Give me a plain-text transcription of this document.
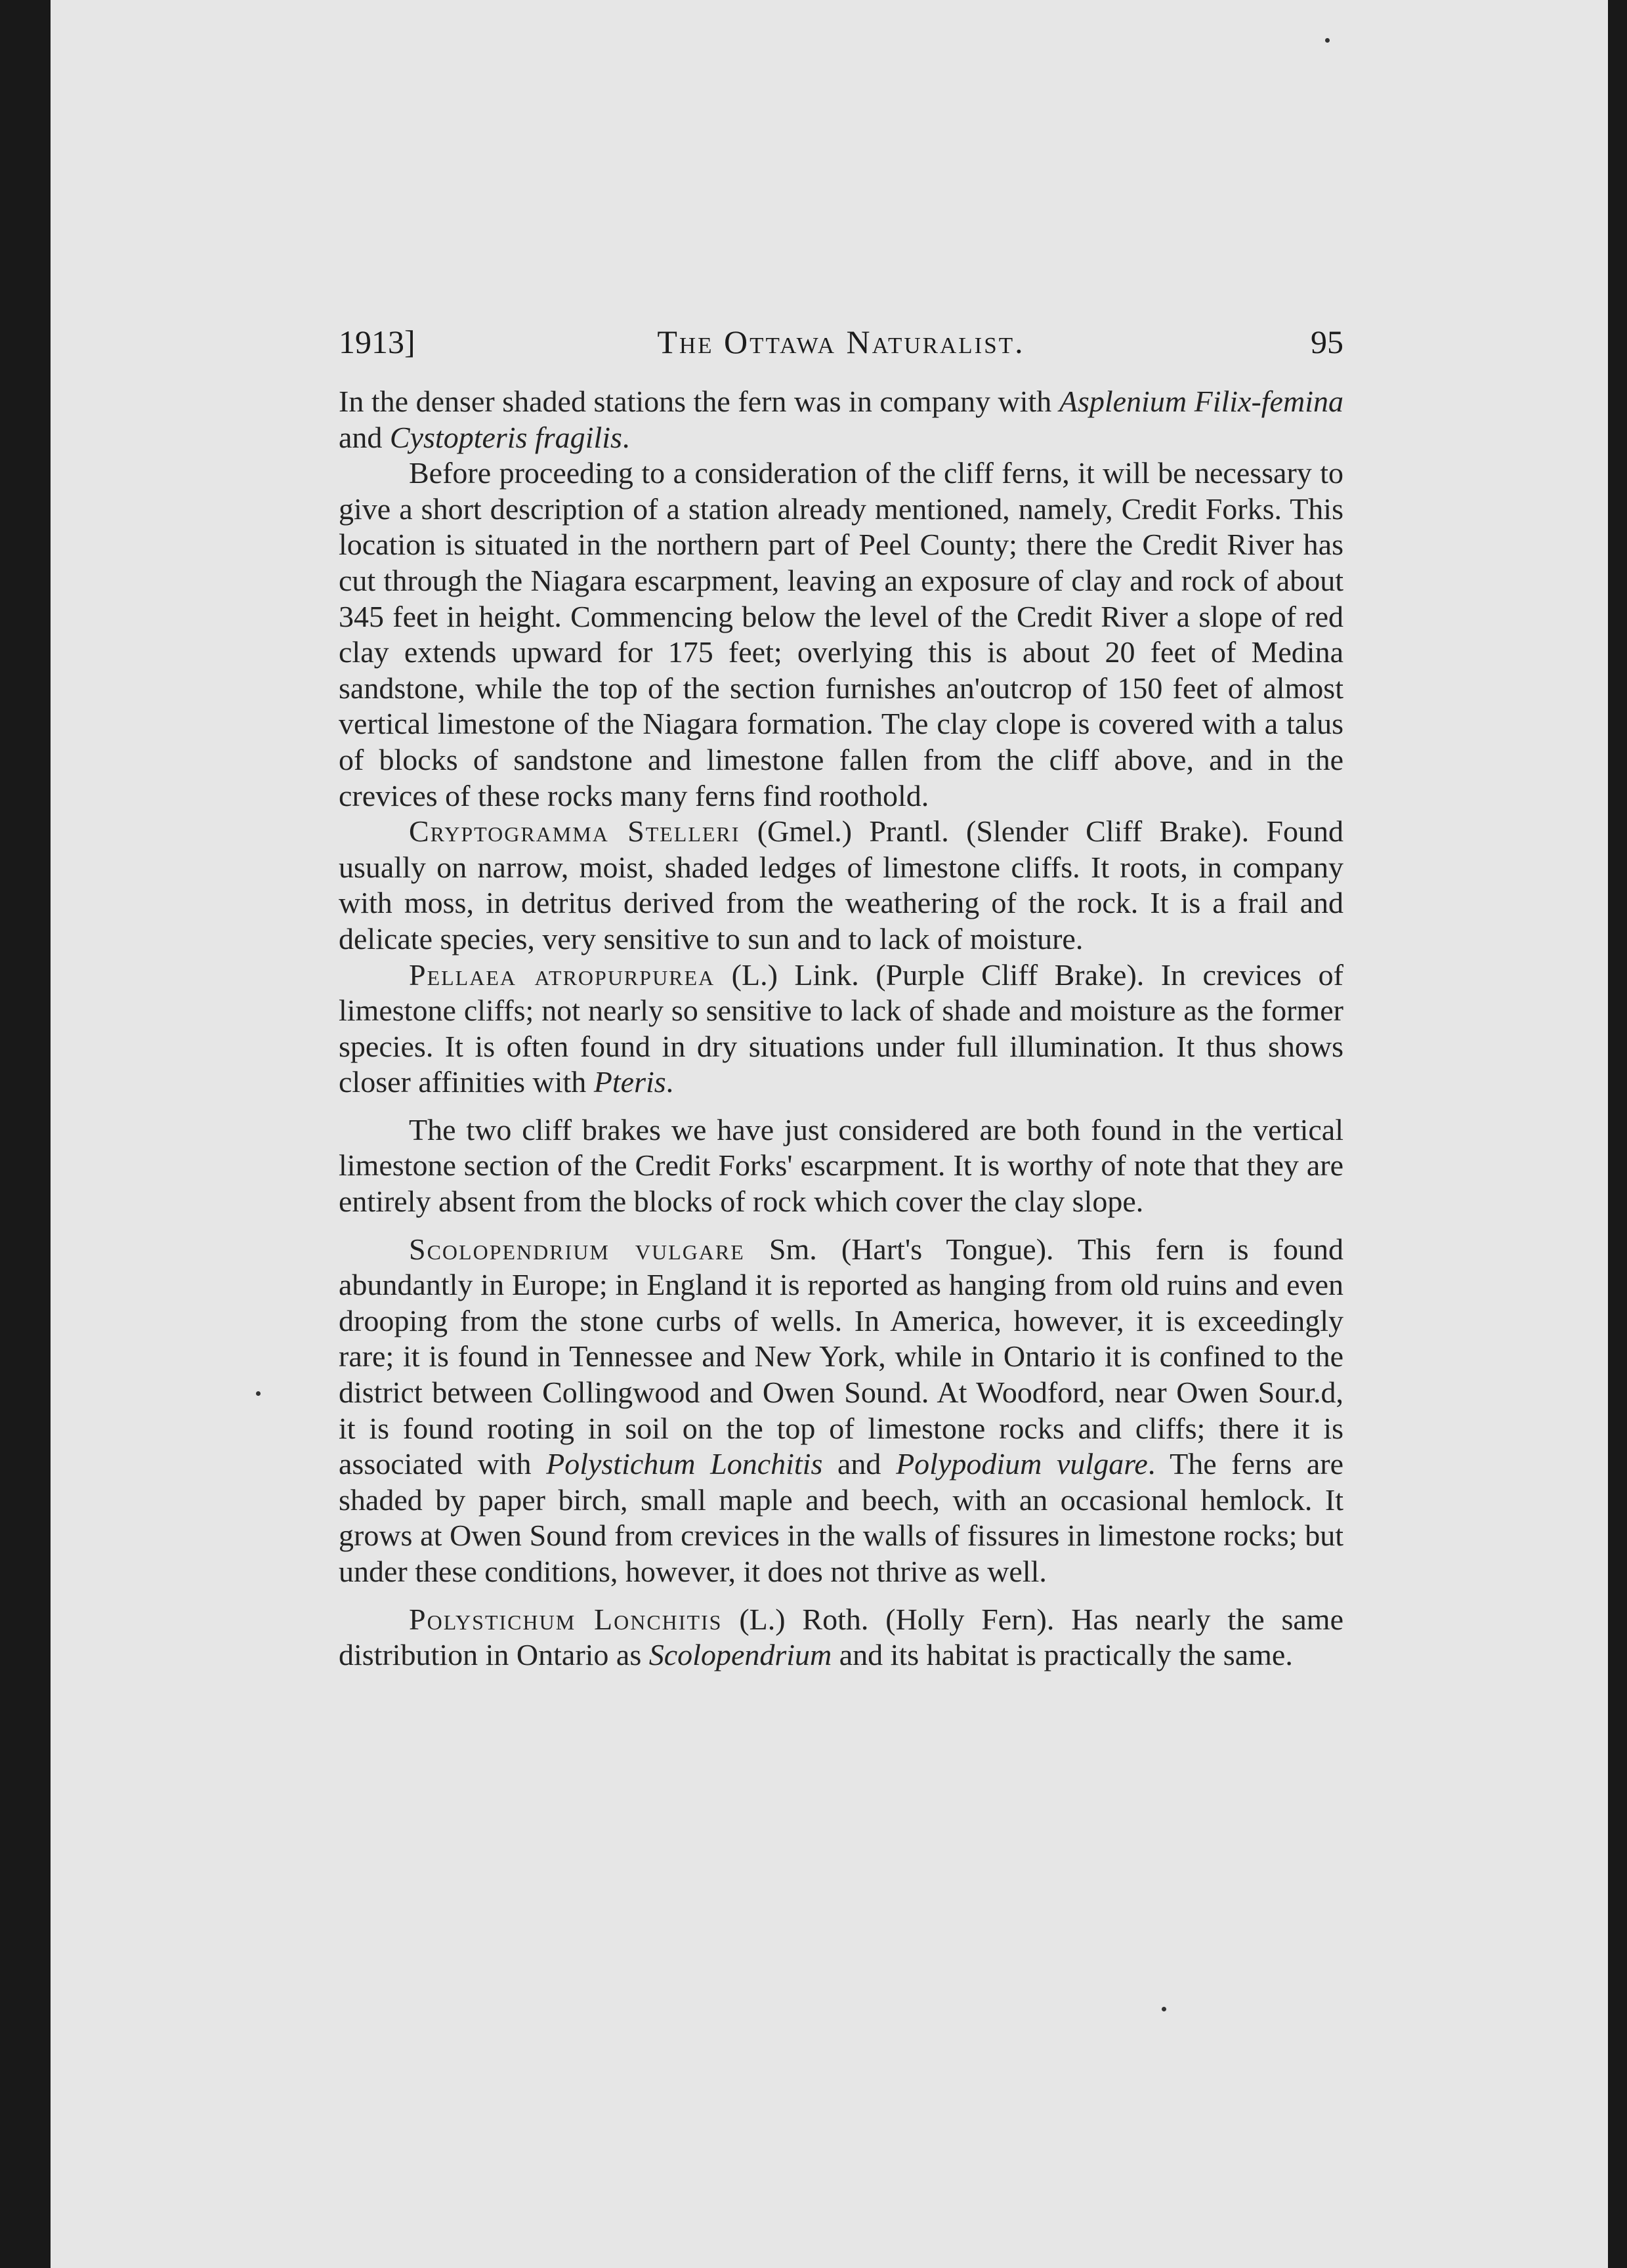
1913]	The Ottawa Naturalist.	95

In the denser shaded stations the fern was in company with Asplenium Filix-femina and Cystopteris fragilis.

Before proceeding to a consideration of the cliff ferns, it will be necessary to give a short description of a station already mentioned, namely, Credit Forks. This location is situated in the northern part of Peel County; there the Credit River has cut through the Niagara escarpment, leaving an exposure of clay and rock of about 345 feet in height. Commencing below the level of the Credit River a slope of red clay extends upward for 175 feet; overlying this is about 20 feet of Medina sandstone, while the top of the section furnishes an'outcrop of 150 feet of almost vertical limestone of the Niagara formation. The clay clope is covered with a talus of blocks of sandstone and limestone fallen from the cliff above, and in the crevices of these rocks many ferns find roothold.

Cryptogramma Stelleri (Gmel.) Prantl. (Slender Cliff Brake). Found usually on narrow, moist, shaded ledges of limestone cliffs. It roots, in company with moss, in detritus derived from the weathering of the rock. It is a frail and delicate species, very sensitive to sun and to lack of moisture.

Pellaea atropurpurea (L.) Link. (Purple Cliff Brake). In crevices of limestone cliffs; not nearly so sensitive to lack of shade and moisture as the former species. It is often found in dry situations under full illumination. It thus shows closer affinities with Pteris.

The two cliff brakes we have just considered are both found in the vertical limestone section of the Credit Forks' escarpment. It is worthy of note that they are entirely absent from the blocks of rock which cover the clay slope.

Scolopendrium vulgare Sm. (Hart's Tongue). This fern is found abundantly in Europe; in England it is reported as hanging from old ruins and even drooping from the stone curbs of wells. In America, however, it is exceedingly rare; it is found in Tennessee and New York, while in Ontario it is confined to the district between Collingwood and Owen Sound. At Woodford, near Owen Sour.d, it is found rooting in soil on the top of limestone rocks and cliffs; there it is associated with Polystichum Lonchitis and Polypodium vulgare. The ferns are shaded by paper birch, small maple and beech, with an occasional hemlock. It grows at Owen Sound from crevices in the walls of fissures in limestone rocks; but under these conditions, however, it does not thrive as well.

Polystichum Lonchitis (L.) Roth. (Holly Fern). Has nearly the same distribution in Ontario as Scolopendrium and its habitat is practically the same.
